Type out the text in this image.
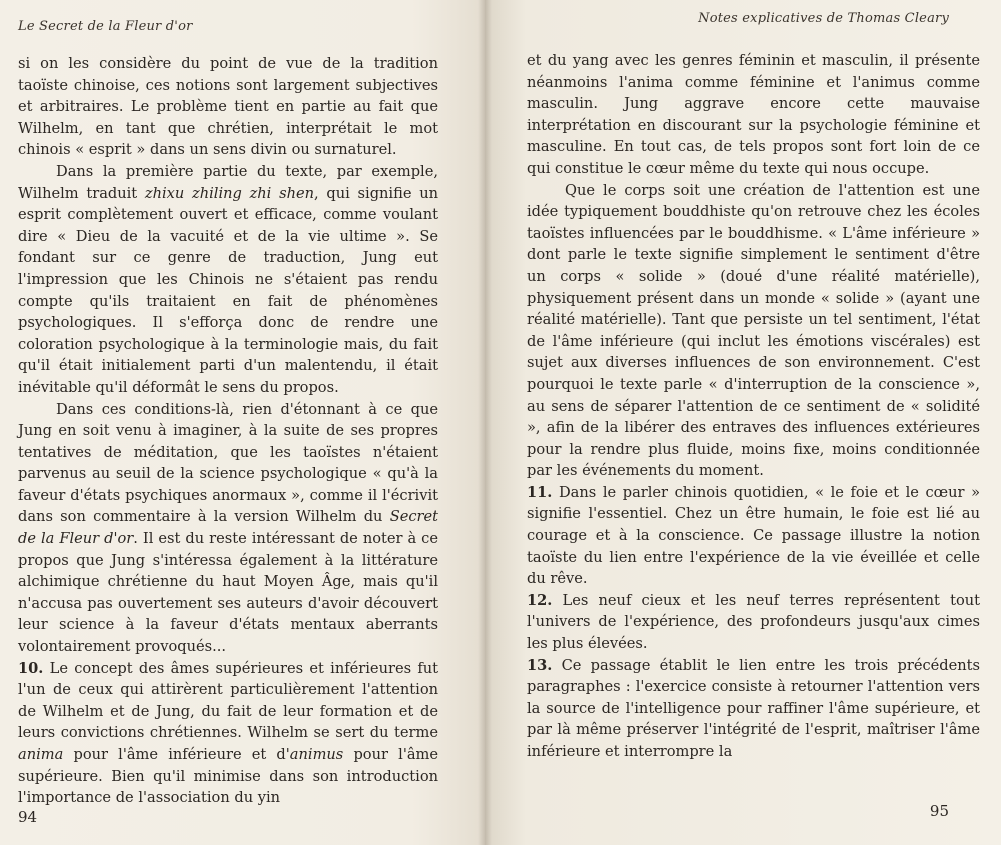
Le Secret de la Fleur d'or

si on les considère du point de vue de la tradition taoïste chinoise, ces notions sont largement subjectives et arbitraires. Le problème tient en partie au fait que Wilhelm, en tant que chrétien, interprétait le mot chinois « esprit » dans un sens divin ou surnaturel.

Dans la première partie du texte, par exemple, Wilhelm traduit zhixu zhiling zhi shen, qui signifie un esprit complètement ouvert et efficace, comme voulant dire « Dieu de la vacuité et de la vie ultime ». Se fondant sur ce genre de traduction, Jung eut l'impression que les Chinois ne s'étaient pas rendu compte qu'ils traitaient en fait de phénomènes psychologiques. Il s'efforça donc de rendre une coloration psychologique à la terminologie mais, du fait qu'il était initialement parti d'un malentendu, il était inévitable qu'il déformât le sens du propos.

Dans ces conditions-là, rien d'étonnant à ce que Jung en soit venu à imaginer, à la suite de ses propres tentatives de méditation, que les taoïstes n'étaient parvenus au seuil de la science psychologique « qu'à la faveur d'états psychiques anormaux », comme il l'écrivit dans son commentaire à la version Wilhelm du Secret de la Fleur d'or. Il est du reste intéressant de noter à ce propos que Jung s'intéressa également à la littérature alchimique chrétienne du haut Moyen Âge, mais qu'il n'accusa pas ouvertement ses auteurs d'avoir découvert leur science à la faveur d'états mentaux aberrants volontairement provoqués...

10. Le concept des âmes supérieures et inférieures fut l'un de ceux qui attirèrent particulièrement l'attention de Wilhelm et de Jung, du fait de leur formation et de leurs convictions chrétiennes. Wilhelm se sert du terme anima pour l'âme inférieure et d'animus pour l'âme supérieure. Bien qu'il minimise dans son introduction l'importance de l'association du yin

94
Notes explicatives de Thomas Cleary

et du yang avec les genres féminin et masculin, il présente néanmoins l'anima comme féminine et l'animus comme masculin. Jung aggrave encore cette mauvaise interprétation en discourant sur la psychologie féminine et masculine. En tout cas, de tels propos sont fort loin de ce qui constitue le cœur même du texte qui nous occupe.

Que le corps soit une création de l'attention est une idée typiquement bouddhiste qu'on retrouve chez les écoles taoïstes influencées par le bouddhisme. « L'âme inférieure » dont parle le texte signifie simplement le sentiment d'être un corps « solide » (doué d'une réalité matérielle), physiquement présent dans un monde « solide » (ayant une réalité matérielle). Tant que persiste un tel sentiment, l'état de l'âme inférieure (qui inclut les émotions viscérales) est sujet aux diverses influences de son environnement. C'est pourquoi le texte parle « d'interruption de la conscience », au sens de séparer l'attention de ce sentiment de « solidité », afin de la libérer des entraves des influences extérieures pour la rendre plus fluide, moins fixe, moins conditionnée par les événements du moment.

11. Dans le parler chinois quotidien, « le foie et le cœur » signifie l'essentiel. Chez un être humain, le foie est lié au courage et à la conscience. Ce passage illustre la notion taoïste du lien entre l'expérience de la vie éveillée et celle du rêve.

12. Les neuf cieux et les neuf terres représentent tout l'univers de l'expérience, des profondeurs jusqu'aux cimes les plus élevées.

13. Ce passage établit le lien entre les trois précédents paragraphes : l'exercice consiste à retourner l'attention vers la source de l'intelligence pour raffiner l'âme supérieure, et par là même préserver l'intégrité de l'esprit, maîtriser l'âme inférieure et interrompre la

95
